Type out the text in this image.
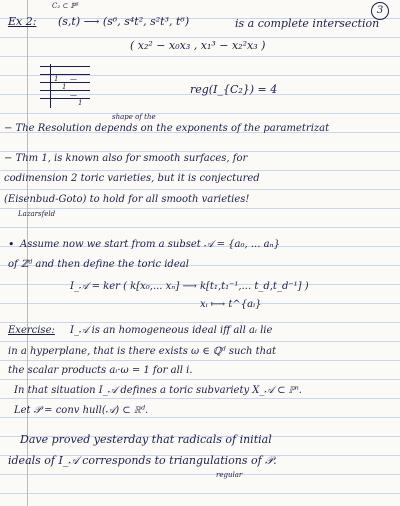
3
C₂ ⊂ ℙ³
Ex 2: (s,t) ⟶ (s⁶, s⁴t², s²t³, t⁶)	is a complete intersection
( x₂² − x₀x₃ , x₁³ − x₂²x₃ )
1
1
—
—
1
reg(I_{C₂}) = 4
shape of the
− The Resolution depends on the exponents of the parametrizat
− Thm 1, is known also for smooth surfaces, for
codimension 2 toric varieties, but it is conjectured
(Eisenbud-Goto) to hold for all smooth varieties!
Lazarsfeld
• Assume now we start from a subset 𝒜 = {a₀, ... aₙ}
of ℤᵈ and then define the toric ideal
I_𝒜 = ker ( k[x₀,... xₙ] ⟶ k[t₁,t₁⁻¹,... t_d,t_d⁻¹] )
xᵢ ⟼ t^{aᵢ}
Exercise: I_𝒜 is an homogeneous ideal iff all aᵢ lie
in a hyperplane, that is there exists ω ∈ ℚᵈ such that
the scalar products aᵢ·ω = 1 for all i.
In that situation I_𝒜 defines a toric subvariety X_𝒜 ⊂ ℙⁿ.
Let 𝒫 = conv hull(𝒜) ⊂ ℝᵈ.
Dave proved yesterday that radicals of initial
ideals of I_𝒜 corresponds to triangulations of 𝒫.
regular
